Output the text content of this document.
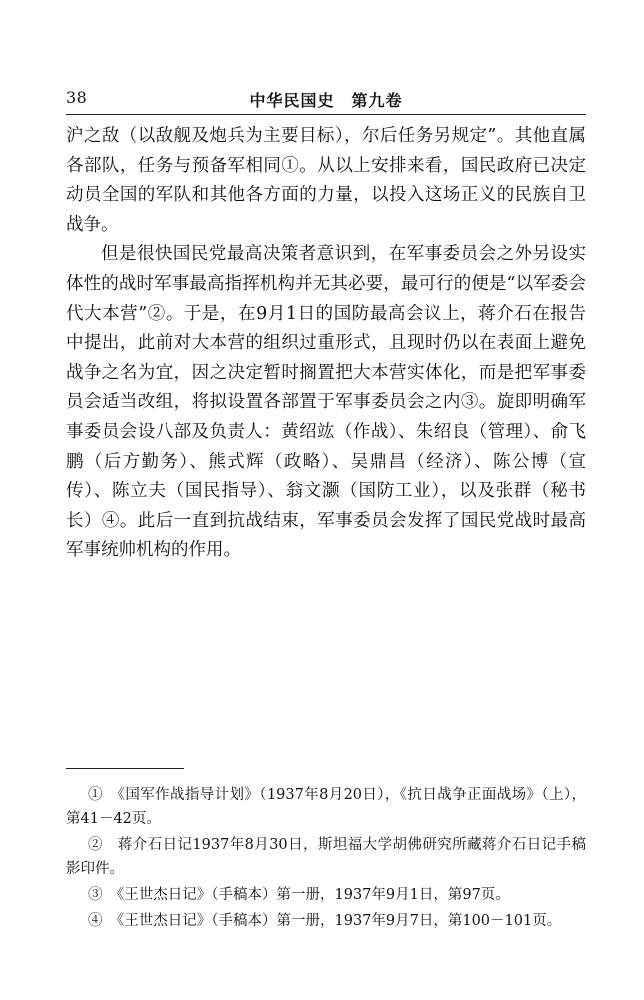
38	中华民国史　第九卷

沪之敌（以敌舰及炮兵为主要目标），尔后任务另规定”。其他直属各部队，任务与预备军相同①。从以上安排来看，国民政府已决定动员全国的军队和其他各方面的力量，以投入这场正义的民族自卫战争。

但是很快国民党最高决策者意识到，在军事委员会之外另设实体性的战时军事最高指挥机构并无其必要，最可行的便是“以军委会代大本营”②。于是，在9月1日的国防最高会议上，蒋介石在报告中提出，此前对大本营的组织过重形式，且现时仍以在表面上避免战争之名为宜，因之决定暂时搁置把大本营实体化，而是把军事委员会适当改组，将拟设置各部置于军事委员会之内③。旋即明确军事委员会设八部及负责人：黄绍竑（作战）、朱绍良（管理）、俞飞鹏（后方勤务）、熊式辉（政略）、吴鼎昌（经济）、陈公博（宣传）、陈立夫（国民指导）、翁文灏（国防工业），以及张群（秘书长）④。此后一直到抗战结束，军事委员会发挥了国民党战时最高军事统帅机构的作用。

①　《国军作战指导计划》（1937年8月20日），《抗日战争正面战场》（上），第41－42页。

②　蒋介石日记1937年8月30日，斯坦福大学胡佛研究所藏蒋介石日记手稿影印件。

③　《王世杰日记》（手稿本）第一册，1937年9月1日，第97页。

④　《王世杰日记》（手稿本）第一册，1937年9月7日，第100－101页。
